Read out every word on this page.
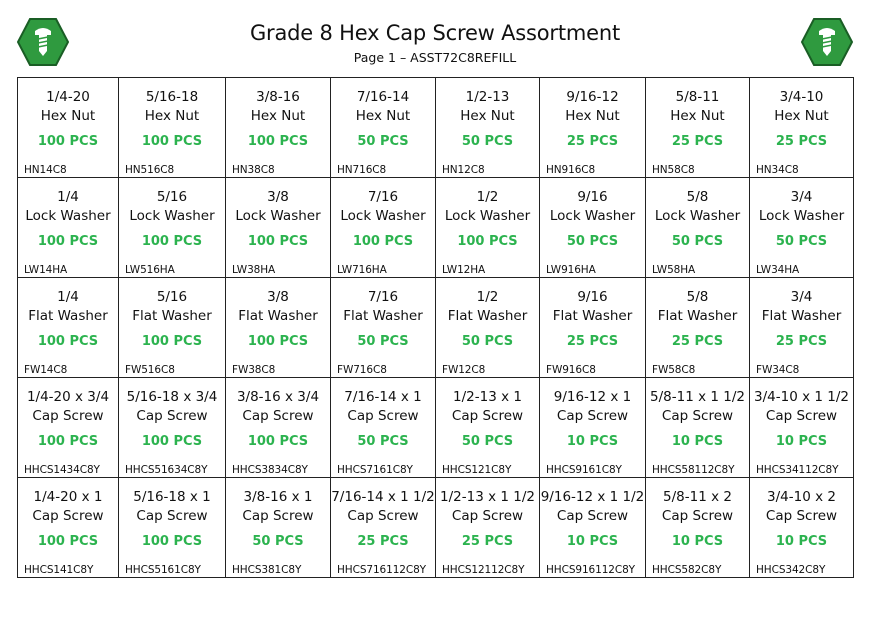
Grade 8 Hex Cap Screw Assortment
Page 1 – ASST72C8REFILL
1/4-20
Hex Nut
100 PCS
HN14C8	5/16-18
Hex Nut
100 PCS
HN516C8	3/8-16
Hex Nut
100 PCS
HN38C8	7/16-14
Hex Nut
50 PCS
HN716C8	1/2-13
Hex Nut
50 PCS
HN12C8	9/16-12
Hex Nut
25 PCS
HN916C8	5/8-11
Hex Nut
25 PCS
HN58C8	3/4-10
Hex Nut
25 PCS
HN34C8

1/4
Lock Washer
100 PCS
LW14HA	5/16
Lock Washer
100 PCS
LW516HA	3/8
Lock Washer
100 PCS
LW38HA	7/16
Lock Washer
100 PCS
LW716HA	1/2
Lock Washer
100 PCS
LW12HA	9/16
Lock Washer
50 PCS
LW916HA	5/8
Lock Washer
50 PCS
LW58HA	3/4
Lock Washer
50 PCS
LW34HA

1/4
Flat Washer
100 PCS
FW14C8	5/16
Flat Washer
100 PCS
FW516C8	3/8
Flat Washer
100 PCS
FW38C8	7/16
Flat Washer
50 PCS
FW716C8	1/2
Flat Washer
50 PCS
FW12C8	9/16
Flat Washer
25 PCS
FW916C8	5/8
Flat Washer
25 PCS
FW58C8	3/4
Flat Washer
25 PCS
FW34C8

1/4-20 x 3/4
Cap Screw
100 PCS
HHCS1434C8Y	5/16-18 x 3/4
Cap Screw
100 PCS
HHCS51634C8Y	3/8-16 x 3/4
Cap Screw
100 PCS
HHCS3834C8Y	7/16-14 x 1
Cap Screw
50 PCS
HHCS7161C8Y	1/2-13 x 1
Cap Screw
50 PCS
HHCS121C8Y	9/16-12 x 1
Cap Screw
10 PCS
HHCS9161C8Y	5/8-11 x 1 1/2
Cap Screw
10 PCS
HHCS58112C8Y	3/4-10 x 1 1/2
Cap Screw
10 PCS
HHCS34112C8Y

1/4-20 x 1
Cap Screw
100 PCS
HHCS141C8Y	5/16-18 x 1
Cap Screw
100 PCS
HHCS5161C8Y	3/8-16 x 1
Cap Screw
50 PCS
HHCS381C8Y	7/16-14 x 1 1/2
Cap Screw
25 PCS
HHCS716112C8Y	1/2-13 x 1 1/2
Cap Screw
25 PCS
HHCS12112C8Y	9/16-12 x 1 1/2
Cap Screw
10 PCS
HHCS916112C8Y	5/8-11 x 2
Cap Screw
10 PCS
HHCS582C8Y	3/4-10 x 2
Cap Screw
10 PCS
HHCS342C8Y
